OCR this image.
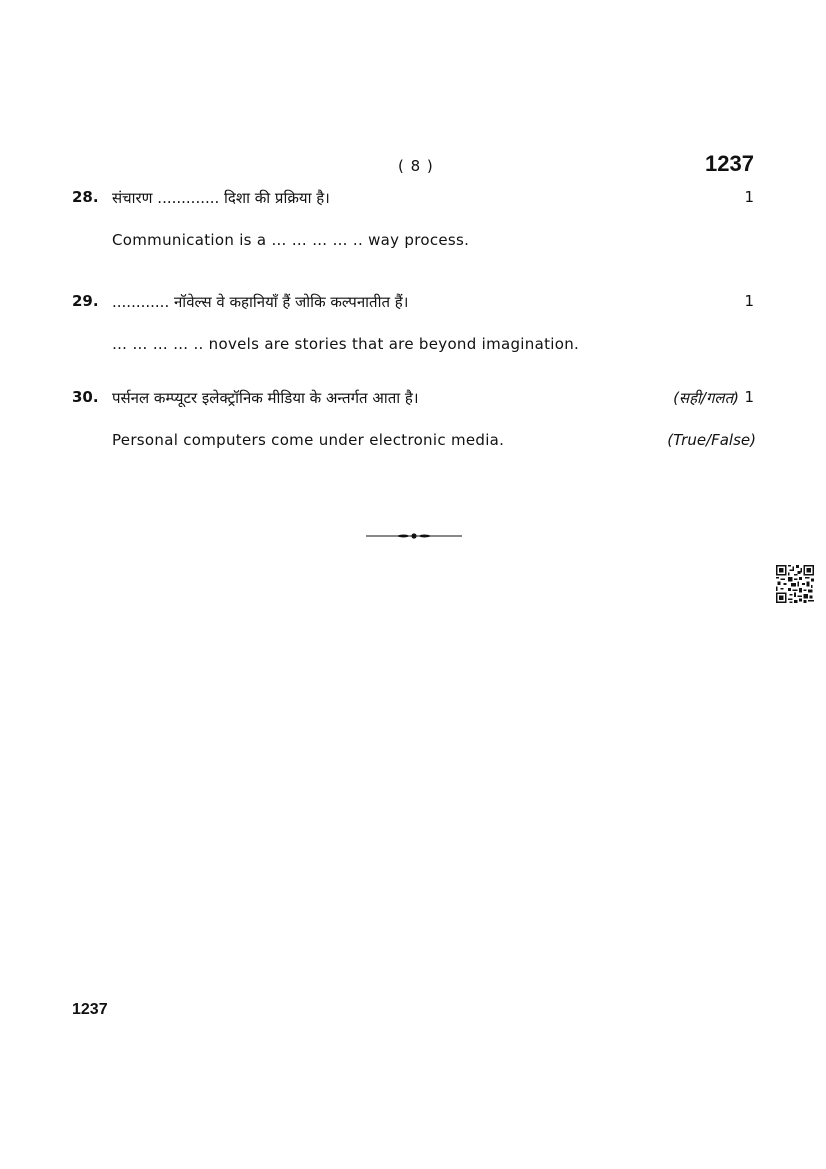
( 8 )	1237
28. संचारण ............. दिशा की प्रक्रिया है।	1
Communication is a … … … … .. way process.
29. ............ नॉवेल्स वे कहानियाँ हैं जोकि कल्पनातीत हैं।	1
… … … … .. novels are stories that are beyond imagination.
30. पर्सनल कम्प्यूटर इलेक्ट्रॉनिक मीडिया के अन्तर्गत आता है।	(सही/गलत) 1
Personal computers come under electronic media.	(True/False)
1237
